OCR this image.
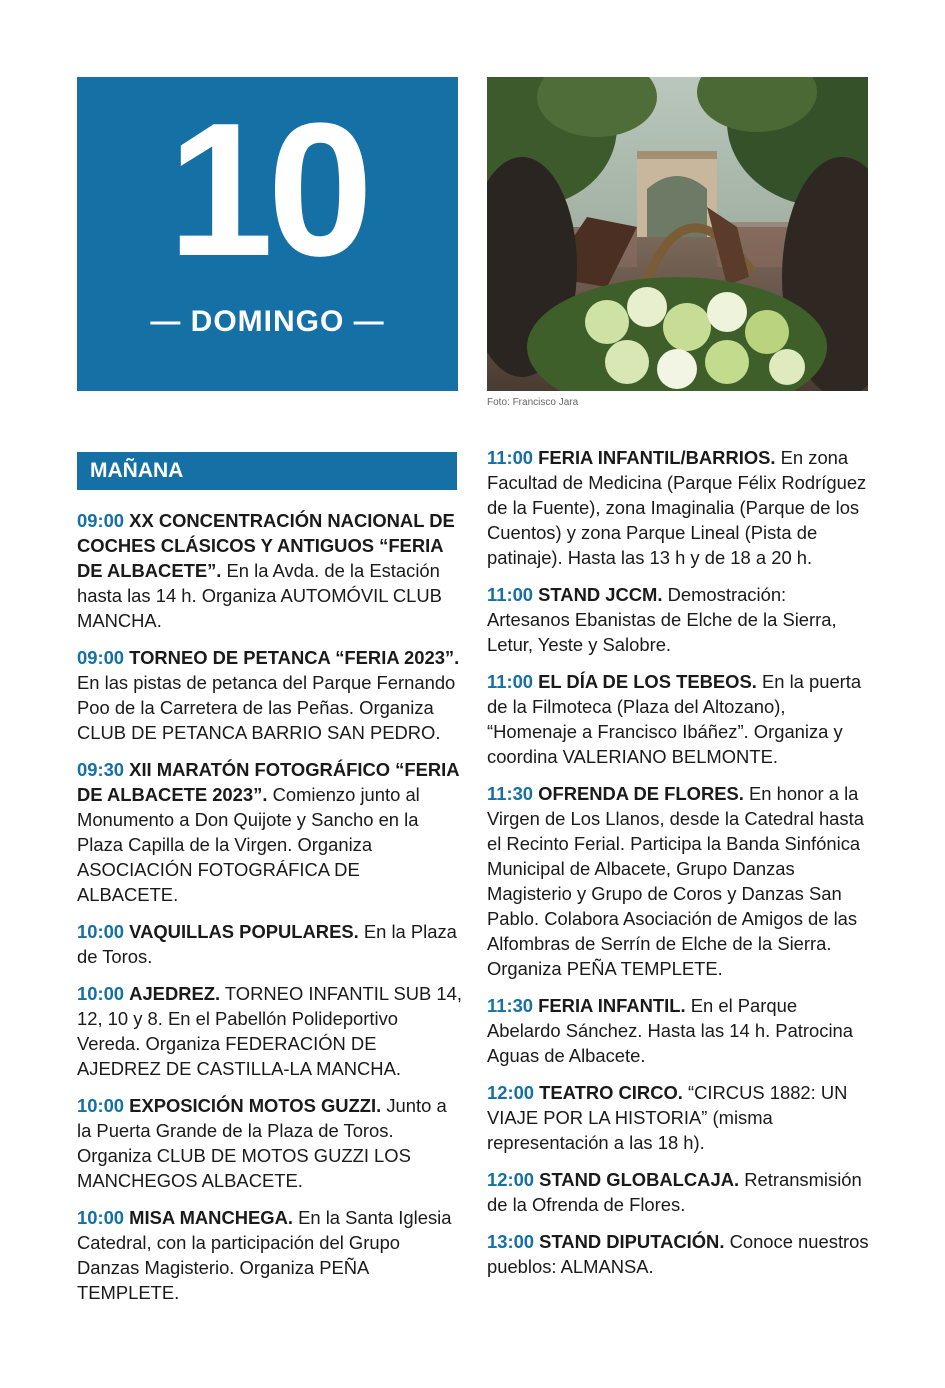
10
— DOMINGO —
Foto: Francisco Jara
MAÑANA

09:00 XX CONCENTRACIÓN NACIONAL DE COCHES CLÁSICOS Y ANTIGUOS “FERIA DE ALBACETE”. En la Avda. de la Estación hasta las 14 h. Organiza AUTOMÓVIL CLUB MANCHA.

09:00 TORNEO DE PETANCA “FERIA 2023”. En las pistas de petanca del Parque Fernando Poo de la Carretera de las Peñas. Organiza CLUB DE PETANCA BARRIO SAN PEDRO.

09:30 XII MARATÓN FOTOGRÁFICO “FERIA DE ALBACETE 2023”. Comienzo junto al Monumento a Don Quijote y Sancho en la Plaza Capilla de la Virgen. Organiza ASOCIACIÓN FOTOGRÁFICA DE ALBACETE.

10:00 VAQUILLAS POPULARES. En la Plaza de Toros.

10:00 AJEDREZ. TORNEO INFANTIL SUB 14, 12, 10 y 8. En el Pabellón Polideportivo Vereda. Organiza FEDERACIÓN DE AJEDREZ DE CASTILLA-LA MANCHA.

10:00 EXPOSICIÓN MOTOS GUZZI. Junto a la Puerta Grande de la Plaza de Toros. Organiza CLUB DE MOTOS GUZZI LOS MANCHEGOS ALBACETE.

10:00 MISA MANCHEGA. En la Santa Iglesia Catedral, con la participación del Grupo Danzas Magisterio. Organiza PEÑA TEMPLETE.

11:00 FERIA INFANTIL/BARRIOS. En zona Facultad de Medicina (Parque Félix Rodríguez de la Fuente), zona Imaginalia (Parque de los Cuentos) y zona Parque Lineal (Pista de patinaje). Hasta las 13 h y de 18 a 20 h.

11:00 STAND JCCM. Demostración: Artesanos Ebanistas de Elche de la Sierra, Letur, Yeste y Salobre.

11:00 EL DÍA DE LOS TEBEOS. En la puerta de la Filmoteca (Plaza del Altozano), “Homenaje a Francisco Ibáñez”. Organiza y coordina VALERIANO BELMONTE.

11:30 OFRENDA DE FLORES. En honor a la Virgen de Los Llanos, desde la Catedral hasta el Recinto Ferial. Participa la Banda Sinfónica Municipal de Albacete, Grupo Danzas Magisterio y Grupo de Coros y Danzas San Pablo. Colabora Asociación de Amigos de las Alfombras de Serrín de Elche de la Sierra. Organiza PEÑA TEMPLETE.

11:30 FERIA INFANTIL. En el Parque Abelardo Sánchez. Hasta las 14 h. Patrocina Aguas de Albacete.

12:00 TEATRO CIRCO. “CIRCUS 1882: UN VIAJE POR LA HISTORIA” (misma representación a las 18 h).

12:00 STAND GLOBALCAJA. Retransmisión de la Ofrenda de Flores.

13:00 STAND DIPUTACIÓN. Conoce nuestros pueblos: ALMANSA.
